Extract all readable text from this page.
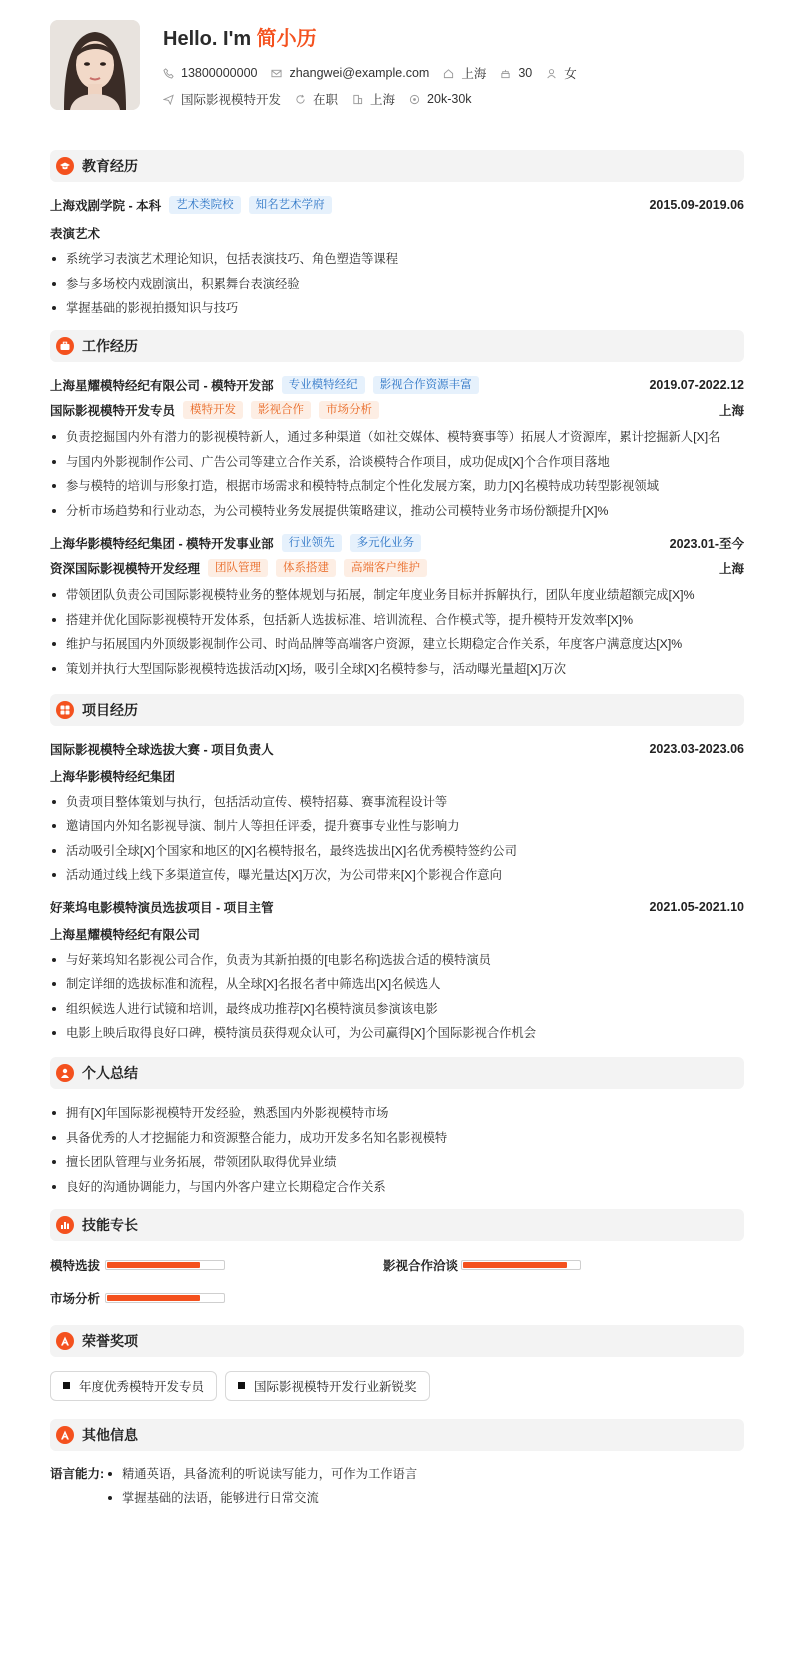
Hello. I'm 简小历
13800000000	zhangwei@example.com	上海	30	女
国际影视模特开发	在职	上海	20k-30k
教育经历
上海戏剧学院 - 本科	艺术类院校	知名艺术学府	2015.09-2019.06
表演艺术
系统学习表演艺术理论知识，包括表演技巧、角色塑造等课程
参与多场校内戏剧演出，积累舞台表演经验
掌握基础的影视拍摄知识与技巧
工作经历
上海星耀模特经纪有限公司 - 模特开发部	专业模特经纪	影视合作资源丰富	2019.07-2022.12
国际影视模特开发专员	模特开发	影视合作	市场分析	上海
负责挖掘国内外有潜力的影视模特新人，通过多种渠道（如社交媒体、模特赛事等）拓展人才资源库，累计挖掘新人[X]名
与国内外影视制作公司、广告公司等建立合作关系，洽谈模特合作项目，成功促成[X]个合作项目落地
参与模特的培训与形象打造，根据市场需求和模特特点制定个性化发展方案，助力[X]名模特成功转型影视领域
分析市场趋势和行业动态，为公司模特业务发展提供策略建议，推动公司模特业务市场份额提升[X]%
上海华影模特经纪集团 - 模特开发事业部	行业领先	多元化业务	2023.01-至今
资深国际影视模特开发经理	团队管理	体系搭建	高端客户维护	上海
带领团队负责公司国际影视模特业务的整体规划与拓展，制定年度业务目标并拆解执行，团队年度业绩超额完成[X]%
搭建并优化国际影视模特开发体系，包括新人选拔标准、培训流程、合作模式等，提升模特开发效率[X]%
维护与拓展国内外顶级影视制作公司、时尚品牌等高端客户资源，建立长期稳定合作关系，年度客户满意度达[X]%
策划并执行大型国际影视模特选拔活动[X]场，吸引全球[X]名模特参与，活动曝光量超[X]万次
项目经历
国际影视模特全球选拔大赛 - 项目负责人	2023.03-2023.06
上海华影模特经纪集团
负责项目整体策划与执行，包括活动宣传、模特招募、赛事流程设计等
邀请国内外知名影视导演、制片人等担任评委，提升赛事专业性与影响力
活动吸引全球[X]个国家和地区的[X]名模特报名，最终选拔出[X]名优秀模特签约公司
活动通过线上线下多渠道宣传，曝光量达[X]万次，为公司带来[X]个影视合作意向
好莱坞电影模特演员选拔项目 - 项目主管	2021.05-2021.10
上海星耀模特经纪有限公司
与好莱坞知名影视公司合作，负责为其新拍摄的[电影名称]选拔合适的模特演员
制定详细的选拔标准和流程，从全球[X]名报名者中筛选出[X]名候选人
组织候选人进行试镜和培训，最终成功推荐[X]名模特演员参演该电影
电影上映后取得良好口碑，模特演员获得观众认可，为公司赢得[X]个国际影视合作机会
个人总结
拥有[X]年国际影视模特开发经验，熟悉国内外影视模特市场
具备优秀的人才挖掘能力和资源整合能力，成功开发多名知名影视模特
擅长团队管理与业务拓展，带领团队取得优异业绩
良好的沟通协调能力，与国内外客户建立长期稳定合作关系
技能专长
模特选拔	影视合作洽谈
市场分析
荣誉奖项
年度优秀模特开发专员	国际影视模特开发行业新锐奖
其他信息
语言能力:	精通英语，具备流利的听说读写能力，可作为工作语言
掌握基础的法语，能够进行日常交流
